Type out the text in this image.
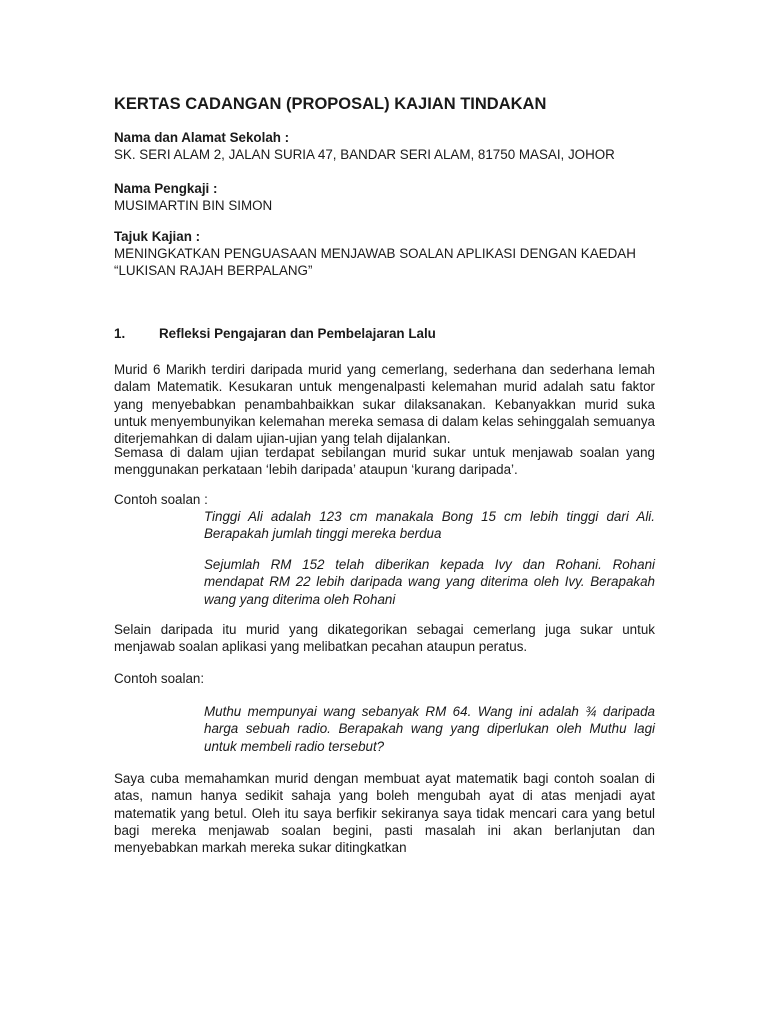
KERTAS CADANGAN (PROPOSAL) KAJIAN TINDAKAN
Nama dan Alamat Sekolah :
SK. SERI ALAM 2, JALAN SURIA 47, BANDAR SERI ALAM, 81750 MASAI, JOHOR
Nama Pengkaji :
MUSIMARTIN BIN SIMON
Tajuk Kajian :
MENINGKATKAN PENGUASAAN MENJAWAB SOALAN APLIKASI DENGAN KAEDAH
“LUKISAN RAJAH BERPALANG”
1.	Refleksi Pengajaran dan Pembelajaran Lalu
Murid 6 Marikh terdiri daripada murid yang cemerlang, sederhana dan sederhana lemah dalam Matematik. Kesukaran untuk mengenalpasti kelemahan murid adalah satu faktor yang menyebabkan penambahbaikkan sukar dilaksanakan. Kebanyakkan murid suka untuk menyembunyikan kelemahan mereka semasa di dalam kelas sehinggalah semuanya diterjemahkan di dalam ujian-ujian yang telah dijalankan.
Semasa di dalam ujian terdapat sebilangan murid sukar untuk menjawab soalan yang menggunakan perkataan ‘lebih daripada’ ataupun ‘kurang daripada’.
Contoh soalan :
Tinggi Ali adalah 123 cm manakala Bong 15 cm lebih tinggi dari Ali. Berapakah jumlah tinggi mereka berdua
Sejumlah RM 152 telah diberikan kepada Ivy dan Rohani. Rohani mendapat RM 22 lebih daripada wang yang diterima oleh Ivy. Berapakah wang yang diterima oleh Rohani
Selain daripada itu murid yang dikategorikan sebagai cemerlang juga sukar untuk menjawab soalan aplikasi yang melibatkan pecahan ataupun peratus.
Contoh soalan:
Muthu mempunyai wang sebanyak RM 64. Wang ini adalah ¾ daripada harga sebuah radio. Berapakah wang yang diperlukan oleh Muthu lagi untuk membeli radio tersebut?
Saya cuba memahamkan murid dengan membuat ayat matematik bagi contoh soalan di atas, namun hanya sedikit sahaja yang boleh mengubah ayat di atas menjadi ayat matematik yang betul. Oleh itu saya berfikir sekiranya saya tidak mencari cara yang betul bagi mereka menjawab soalan begini, pasti masalah ini akan berlanjutan dan menyebabkan markah mereka sukar ditingkatkan
